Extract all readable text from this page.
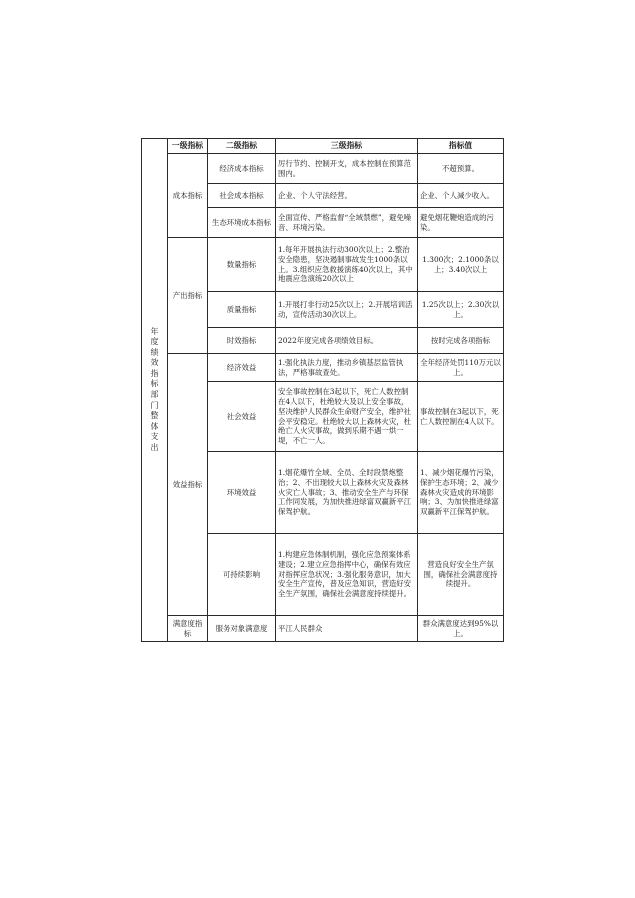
年度绩效指标部门整体支出	一级指标	二级指标	三级指标	指标值
	成本指标	经济成本指标	厉行节约、控制开支，成本控制在预算范围内。	不超预算。
		社会成本指标	企业、个人守法经营。	企业、个人减少收入。
		生态环境成本指标	全面宣传、严格监督“全域禁燃”，避免噪音、环境污染。	避免烟花鞭炮造成的污染。
	产出指标	数量指标	1.每年开展执法行动300次以上；2.整治安全隐患，坚决遏制事故发生1000条以上。3.组织应急救援演练40次以上，其中地震应急演练20次以上	1.300次；2.1000条以上；3.40次以上
		质量指标	1.开展打非行动25次以上；2.开展培训活动，宣传活动30次以上。	1.25次以上；2.30次以上。
		时效指标	2022年度完成各项绩效目标。	按时完成各项指标
	效益指标	经济效益	1.强化执法力度，推动乡镇基层监管执法，严格事故查处。	全年经济处罚110万元以上。
		社会效益	安全事故控制在3起以下，死亡人数控制在4人以下，杜绝较大及以上安全事故，坚决维护人民群众生命财产安全，维护社会平安稳定。杜绝较大以上森林火灾，杜绝亡人火灾事故，做到乐期不遇一烘一堤，不亡一人。	事故控制在3起以下，死亡人数控制在4人以下。
		环境效益	1.烟花爆竹全域、全员、全时段禁炮整治；2、不出现较大以上森林火灾及森林火灾亡人事故；3、推动安全生产与环保工作同发展，为加快推进绿富双赢新平江保驾护航。	1、减少烟花爆竹污染，保护生态环境；2、减少森林火灾造成的环境影响；3、为加快推进绿富双赢新平江保驾护航。
		可持续影响	1.构建应急体制机制，强化应急预案体系建设；2.建立应急指挥中心，确保有效应对指挥应急状况；3.强化服务意识，加大安全生产宣传，普及应急知识，营造好安全生产氛围，确保社会满意度持续提升。	营造良好安全生产氛围，确保社会满意度持续提升。
	满意度指标	服务对象满意度	平江人民群众	群众满意度达到95%以上。
